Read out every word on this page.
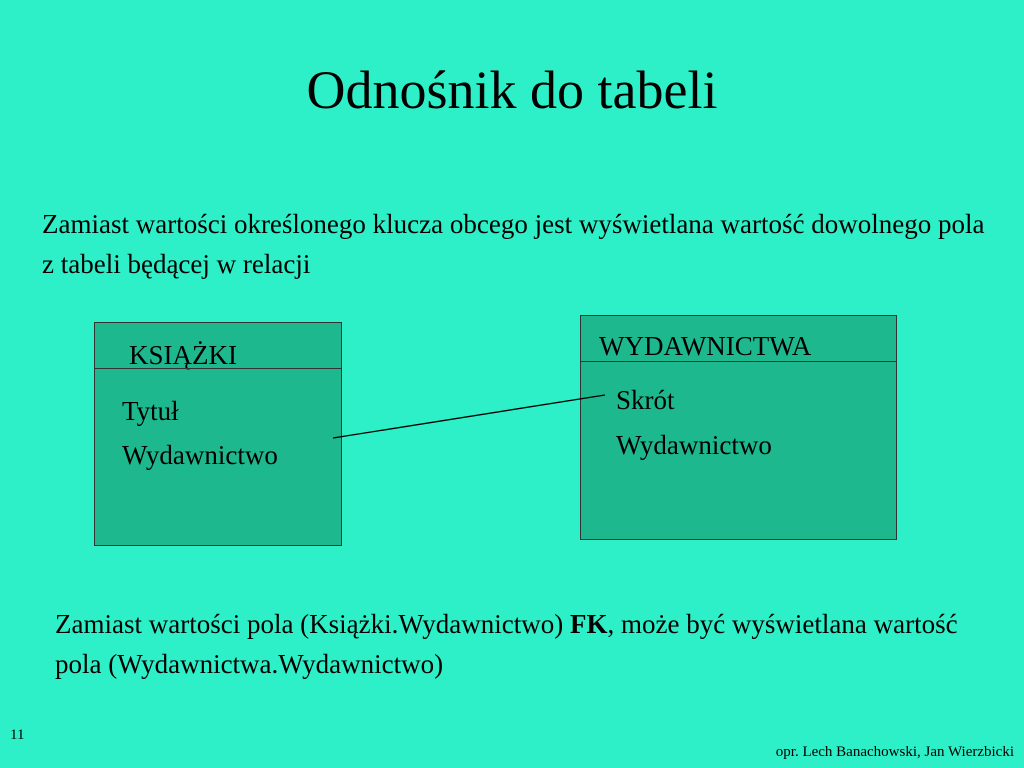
Odnośnik do tabeli
Zamiast wartości określonego klucza obcego jest wyświetlana wartość dowolnego pola z tabeli będącej w relacji
KSIĄŻKI
Tytuł
Wydawnictwo
WYDAWNICTWA
Skrót
Wydawnictwo
Zamiast wartości pola (Książki.Wydawnictwo) FK, może być wyświetlana wartość pola (Wydawnictwa.Wydawnictwo)
11
opr. Lech Banachowski, Jan Wierzbicki
